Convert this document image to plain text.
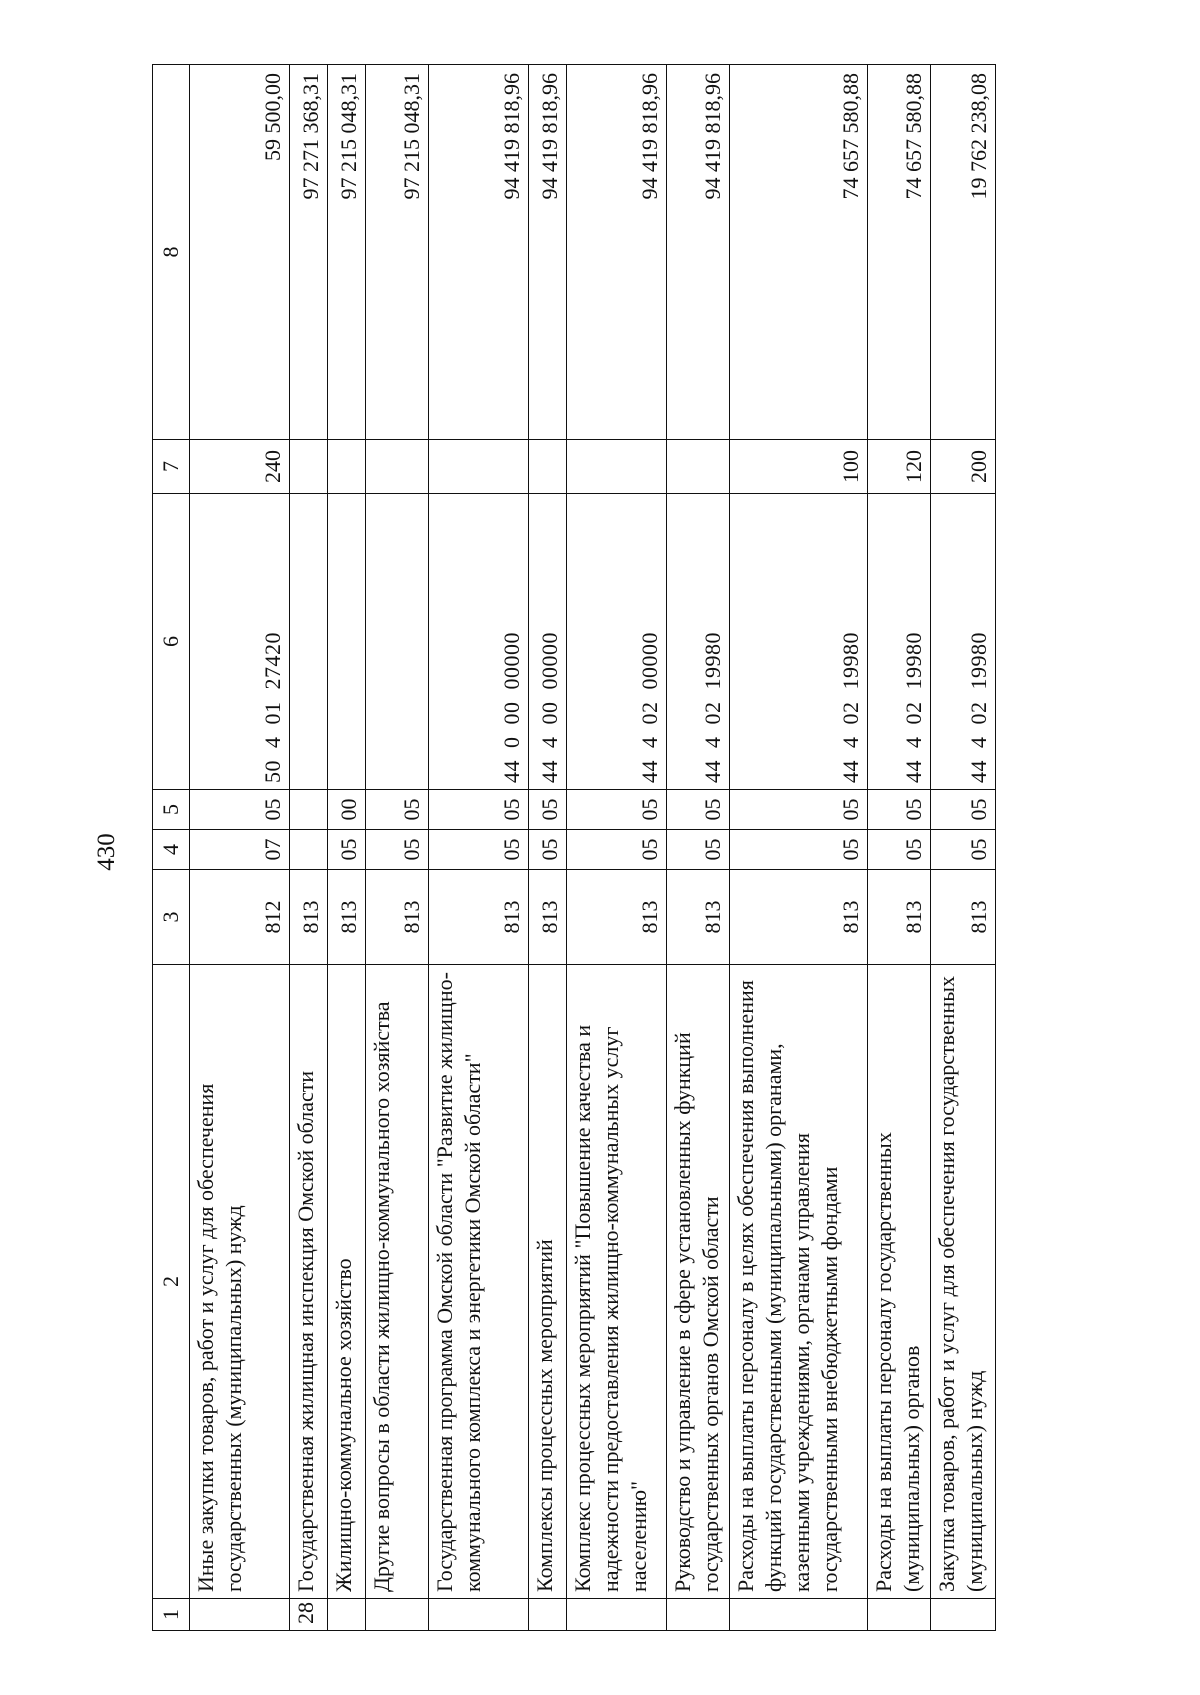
430
1	2	3	4	5	6	7	8
	Иные закупки товаров, работ и услуг для обеспечения государственных (муниципальных) нужд	812	07	05	50  4  01  27420	240	59 500,00
28	Государственная жилищная инспекция Омской области	813					97 271 368,31
	Жилищно-коммунальное хозяйство	813	05	00			97 215 048,31
	Другие вопросы в области жилищно-коммунального хозяйства	813	05	05			97 215 048,31
	Государственная программа Омской области "Развитие жилищно-коммунального комплекса и энергетики Омской области"	813	05	05	44  0  00  00000		94 419 818,96
	Комплексы процессных мероприятий	813	05	05	44  4  00  00000		94 419 818,96
	Комплекс процессных мероприятий "Повышение качества и надежности предоставления жилищно-коммунальных услуг населению"	813	05	05	44  4  02  00000		94 419 818,96
	Руководство и управление в сфере установленных функций государственных органов Омской области	813	05	05	44  4  02  19980		94 419 818,96
	Расходы на выплаты персоналу в целях обеспечения выполнения функций государственными (муниципальными) органами, казенными учреждениями, органами управления государственными внебюджетными фондами	813	05	05	44  4  02  19980	100	74 657 580,88
	Расходы на выплаты персоналу государственных (муниципальных) органов	813	05	05	44  4  02  19980	120	74 657 580,88
	Закупка товаров, работ и услуг для обеспечения государственных (муниципальных) нужд	813	05	05	44  4  02  19980	200	19 762 238,08
